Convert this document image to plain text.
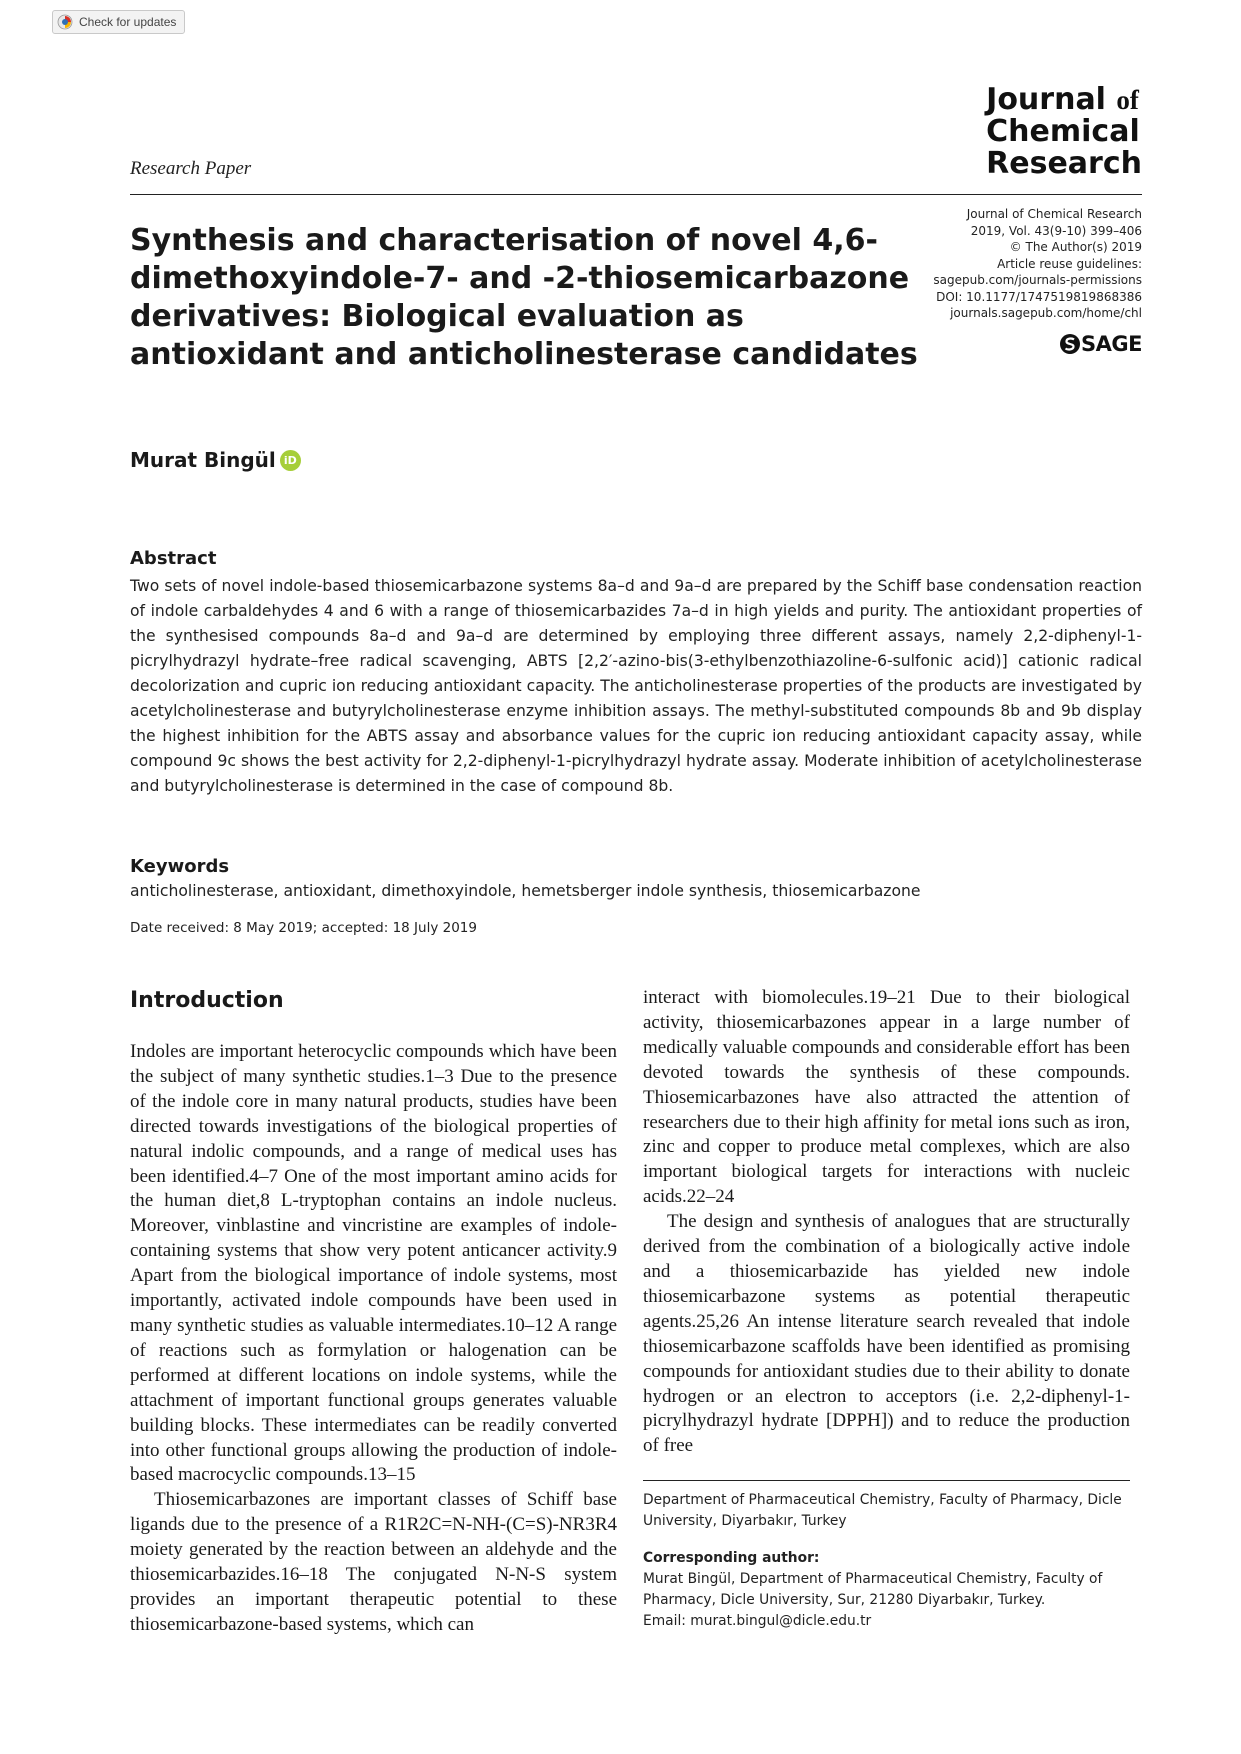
Check for updates
Journal of
Chemical
Research
Research Paper
Synthesis and characterisation of novel 4,6-dimethoxyindole-7- and -2-thiosemicarbazone derivatives: Biological evaluation as antioxidant and anticholinesterase candidates
Journal of Chemical Research
2019, Vol. 43(9-10) 399–406
© The Author(s) 2019
Article reuse guidelines:
sagepub.com/journals-permissions
DOI: 10.1177/1747519819868386
journals.sagepub.com/home/chl
SAGE
Murat Bingül iD
Abstract

Two sets of novel indole-based thiosemicarbazone systems 8a–d and 9a–d are prepared by the Schiff base condensation reaction of indole carbaldehydes 4 and 6 with a range of thiosemicarbazides 7a–d in high yields and purity. The antioxidant properties of the synthesised compounds 8a–d and 9a–d are determined by employing three different assays, namely 2,2-diphenyl-1-picrylhydrazyl hydrate–free radical scavenging, ABTS [2,2′-azino-bis(3-ethylbenzothiazoline-6-sulfonic acid)] cationic radical decolorization and cupric ion reducing antioxidant capacity. The anticholinesterase properties of the products are investigated by acetylcholinesterase and butyrylcholinesterase enzyme inhibition assays. The methyl-substituted compounds 8b and 9b display the highest inhibition for the ABTS assay and absorbance values for the cupric ion reducing antioxidant capacity assay, while compound 9c shows the best activity for 2,2-diphenyl-1-picrylhydrazyl hydrate assay. Moderate inhibition of acetylcholinesterase and butyrylcholinesterase is determined in the case of compound 8b.

Keywords
anticholinesterase, antioxidant, dimethoxyindole, hemetsberger indole synthesis, thiosemicarbazone
Date received: 8 May 2019; accepted: 18 July 2019
Introduction

Indoles are important heterocyclic compounds which have been the subject of many synthetic studies.1–3 Due to the presence of the indole core in many natural products, studies have been directed towards investigations of the biological properties of natural indolic compounds, and a range of medical uses has been identified.4–7 One of the most important amino acids for the human diet,8 L-tryptophan contains an indole nucleus. Moreover, vinblastine and vincristine are examples of indole-containing systems that show very potent anticancer activity.9 Apart from the biological importance of indole systems, most importantly, activated indole compounds have been used in many synthetic studies as valuable intermediates.10–12 A range of reactions such as formylation or halogenation can be performed at different locations on indole systems, while the attachment of important functional groups generates valuable building blocks. These intermediates can be readily converted into other functional groups allowing the production of indole-based macrocyclic compounds.13–15

Thiosemicarbazones are important classes of Schiff base ligands due to the presence of a R1R2C=N-NH-(C=S)-NR3R4 moiety generated by the reaction between an aldehyde and the thiosemicarbazides.16–18 The conjugated N-N-S system provides an important therapeutic potential to these thiosemicarbazone-based systems, which can

interact with biomolecules.19–21 Due to their biological activity, thiosemicarbazones appear in a large number of medically valuable compounds and considerable effort has been devoted towards the synthesis of these compounds. Thiosemicarbazones have also attracted the attention of researchers due to their high affinity for metal ions such as iron, zinc and copper to produce metal complexes, which are also important biological targets for interactions with nucleic acids.22–24

The design and synthesis of analogues that are structurally derived from the combination of a biologically active indole and a thiosemicarbazide has yielded new indole thiosemicarbazone systems as potential therapeutic agents.25,26 An intense literature search revealed that indole thiosemicarbazone scaffolds have been identified as promising compounds for antioxidant studies due to their ability to donate hydrogen or an electron to acceptors (i.e. 2,2-diphenyl-1-picrylhydrazyl hydrate [DPPH]) and to reduce the production of free

Department of Pharmaceutical Chemistry, Faculty of Pharmacy, Dicle University, Diyarbakır, Turkey
Corresponding author:
Murat Bingül, Department of Pharmaceutical Chemistry, Faculty of Pharmacy, Dicle University, Sur, 21280 Diyarbakır, Turkey.
Email: murat.bingul@dicle.edu.tr
